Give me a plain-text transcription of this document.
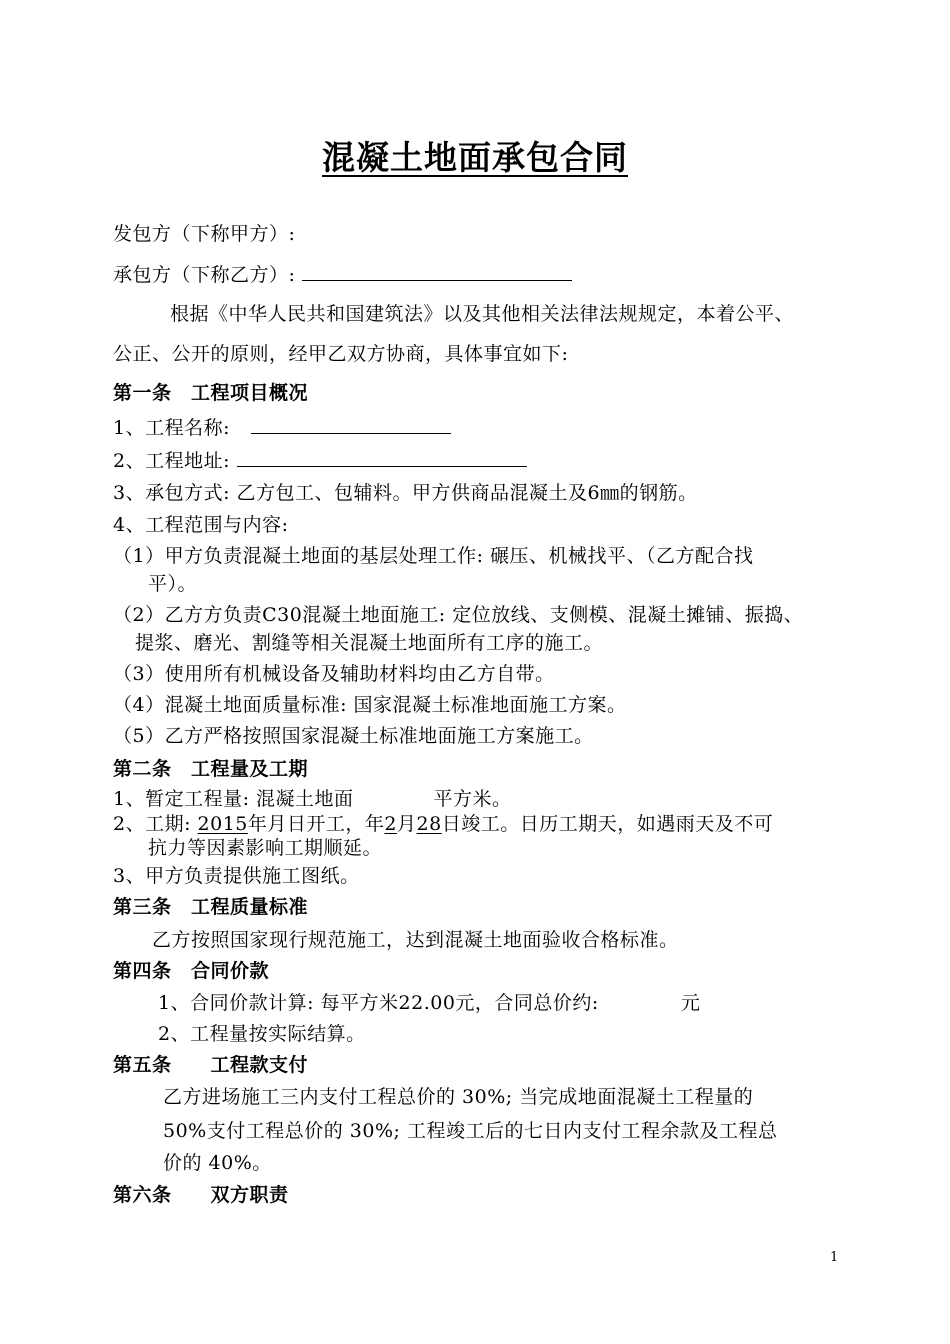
混凝土地面承包合同
发包方（下称甲方）:
承包方（下称乙方）:
根据《中华人民共和国建筑法》以及其他相关法律法规规定，本着公平、
公正、公开的原则，经甲乙双方协商，具体事宜如下:
第一条　工程项目概况
1、工程名称:
2、工程地址:
3、承包方式: 乙方包工、包辅料。甲方供商品混凝土及6㎜的钢筋。
4、工程范围与内容:
（1）甲方负责混凝土地面的基层处理工作: 碾压、机械找平、（乙方配合找
平）。
（2）乙方方负责C30混凝土地面施工: 定位放线、支侧模、混凝土摊铺、振捣、
提浆、磨光、割缝等相关混凝土地面所有工序的施工。
（3）使用所有机械设备及辅助材料均由乙方自带。
（4）混凝土地面质量标准: 国家混凝土标准地面施工方案。
（5）乙方严格按照国家混凝土标准地面施工方案施工。
第二条　工程量及工期
1、暂定工程量: 混凝土地面	平方米。
2、工期: 2015年月日开工，年2月28日竣工。日历工期天，如遇雨天及不可
抗力等因素影响工期顺延。
3、甲方负责提供施工图纸。
第三条　工程质量标准
乙方按照国家现行规范施工，达到混凝土地面验收合格标准。
第四条　合同价款
1、合同价款计算: 每平方米22.00元，合同总价约:	元
2、工程量按实际结算。
第五条　　工程款支付
乙方进场施工三内支付工程总价的 30%; 当完成地面混凝土工程量的
50%支付工程总价的 30%; 工程竣工后的七日内支付工程余款及工程总
价的 40%。
第六条　　双方职责
1
